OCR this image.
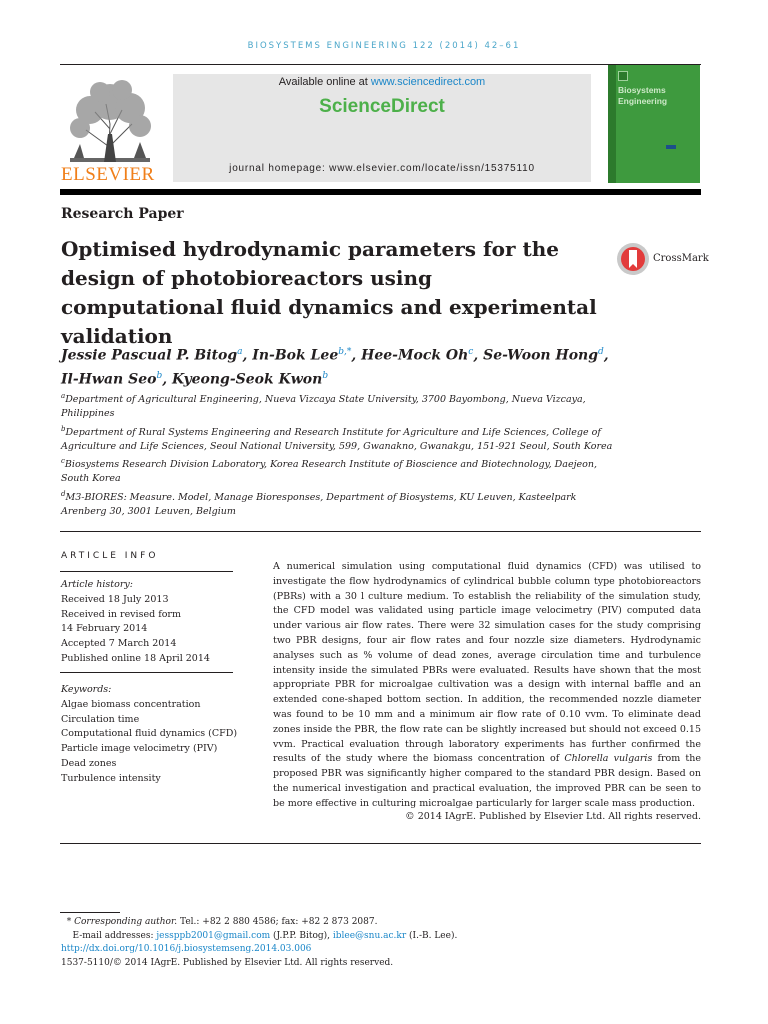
BIOSYSTEMS ENGINEERING 122 (2014) 42–61
ELSEVIER
Available online at www.sciencedirect.com
ScienceDirect
journal homepage: www.elsevier.com/locate/issn/15375110
Biosystems
Engineering
Research Paper
Optimised hydrodynamic parameters for the design of photobioreactors using computational fluid dynamics and experimental validation
CrossMark
Jessie Pascual P. Bitog$^a$, In-Bok Lee$^{b,*}$, Hee-Mock Oh$^c$, Se-Woon Hong$^d$,
Il-Hwan Seo$^b$, Kyeong-Seok Kwon$^b$
$^a$Department of Agricultural Engineering, Nueva Vizcaya State University, 3700 Bayombong, Nueva Vizcaya, Philippines
$^b$Department of Rural Systems Engineering and Research Institute for Agriculture and Life Sciences, College of Agriculture and Life Sciences, Seoul National University, 599, Gwanakno, Gwanakgu, 151-921 Seoul, South Korea
$^c$Biosystems Research Division Laboratory, Korea Research Institute of Bioscience and Biotechnology, Daejeon, South Korea
$^d$M3-BIORES: Measure. Model, Manage Bioresponses, Department of Biosystems, KU Leuven, Kasteelpark Arenberg 30, 3001 Leuven, Belgium
ARTICLE INFO
Article history:
Received 18 July 2013
Received in revised form
14 February 2014
Accepted 7 March 2014
Published online 18 April 2014
Keywords:
Algae biomass concentration
Circulation time
Computational fluid dynamics (CFD)
Particle image velocimetry (PIV)
Dead zones
Turbulence intensity

A numerical simulation using computational fluid dynamics (CFD) was utilised to investigate the flow hydrodynamics of cylindrical bubble column type photobioreactors (PBRs) with a 30 l culture medium. To establish the reliability of the simulation study, the CFD model was validated using particle image velocimetry (PIV) computed data under various air flow rates. There were 32 simulation cases for the study comprising two PBR designs, four air flow rates and four nozzle size diameters. Hydrodynamic analyses such as % volume of dead zones, average circulation time and turbulence intensity inside the simulated PBRs were evaluated. Results have shown that the most appropriate PBR for microalgae cultivation was a design with internal baffle and an extended cone-shaped bottom section. In addition, the recommended nozzle diameter was found to be 10 mm and a minimum air flow rate of 0.10 vvm. To eliminate dead zones inside the PBR, the flow rate can be slightly increased but should not exceed 0.15 vvm. Practical evaluation through laboratory experiments has further confirmed the results of the study where the biomass concentration of Chlorella vulgaris from the proposed PBR was significantly higher compared to the standard PBR design. Based on the numerical investigation and practical evaluation, the improved PBR can be seen to be more effective in culturing microalgae particularly for larger scale mass production.

© 2014 IAgrE. Published by Elsevier Ltd. All rights reserved.
* Corresponding author. Tel.: +82 2 880 4586; fax: +82 2 873 2087.
E-mail addresses: jessppb2001@gmail.com (J.P.P. Bitog), iblee@snu.ac.kr (I.-B. Lee).
http://dx.doi.org/10.1016/j.biosystemseng.2014.03.006
1537-5110/© 2014 IAgrE. Published by Elsevier Ltd. All rights reserved.
